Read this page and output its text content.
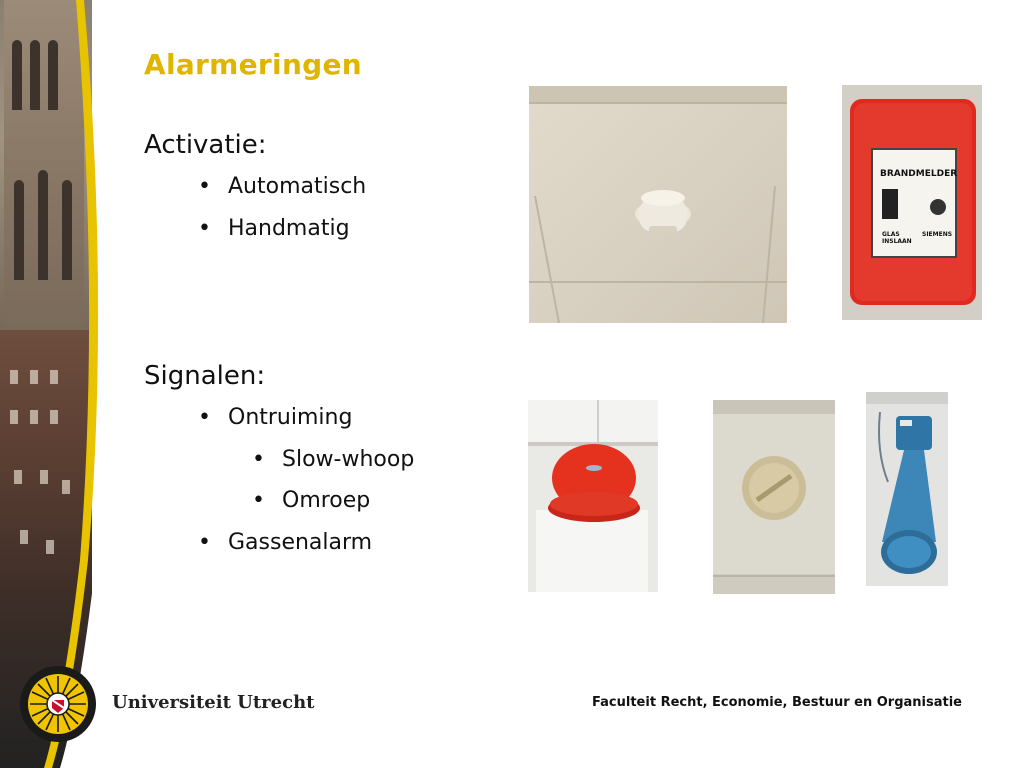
Alarmeringen

Activatie:

• Automatisch
• Handmatig

Signalen:

• Ontruiming
• Slow-whoop
• Omroep
• Gassenalarm
BRANDMELDER
GLAS
INSLAAN
SIEMENS

Universiteit Utrecht	Faculteit Recht, Economie, Bestuur en Organisatie
